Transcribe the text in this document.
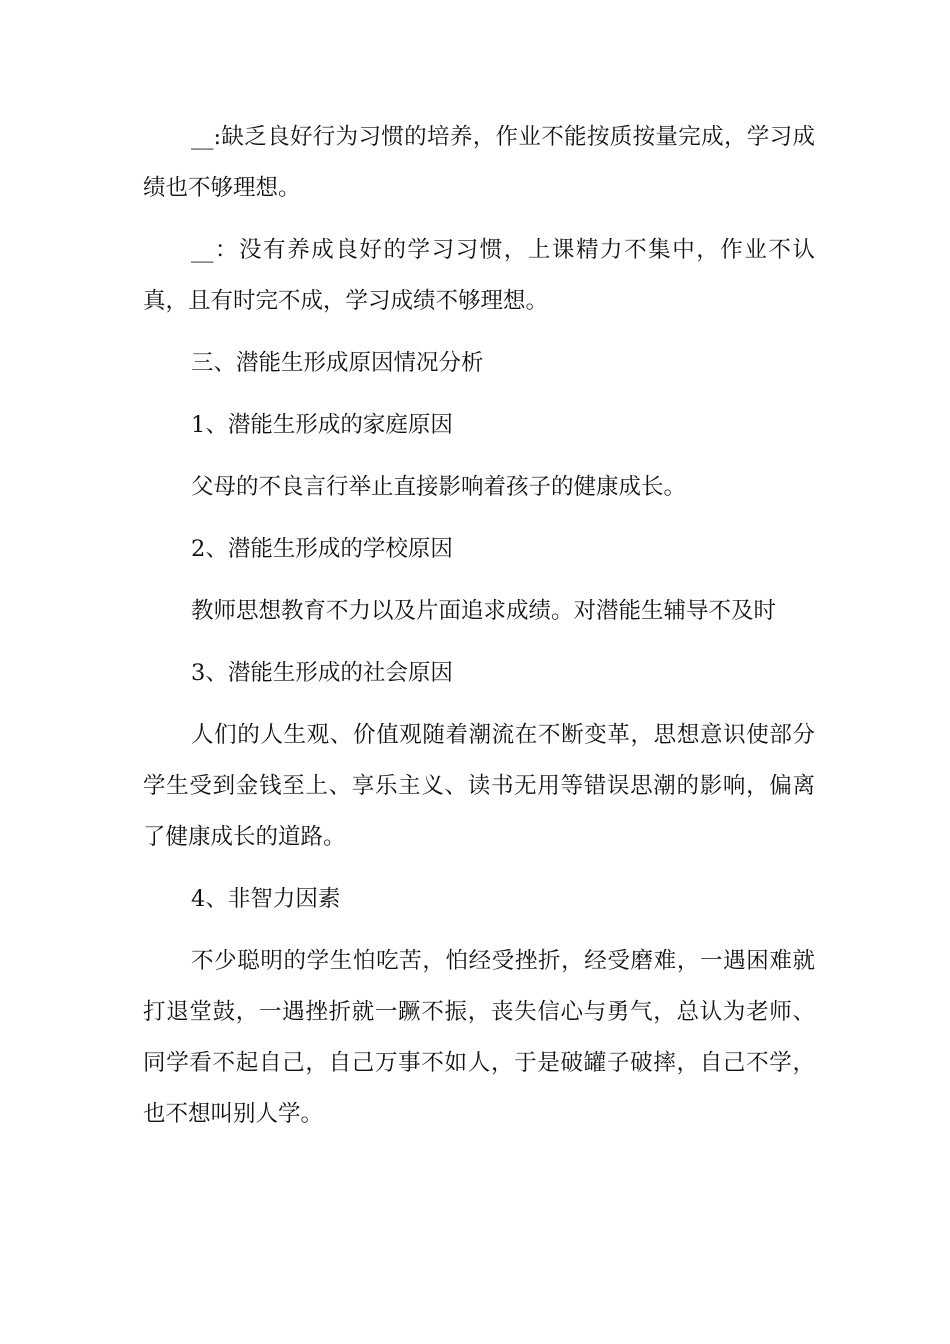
__:缺乏良好行为习惯的培养，作业不能按质按量完成，学习成绩也不够理想。

__：没有养成良好的学习习惯，上课精力不集中，作业不认真，且有时完不成，学习成绩不够理想。

三、潜能生形成原因情况分析

1、潜能生形成的家庭原因

父母的不良言行举止直接影响着孩子的健康成长。

2、潜能生形成的学校原因

教师思想教育不力以及片面追求成绩。对潜能生辅导不及时

3、潜能生形成的社会原因

人们的人生观、价值观随着潮流在不断变革，思想意识使部分学生受到金钱至上、享乐主义、读书无用等错误思潮的影响，偏离了健康成长的道路。

4、非智力因素

不少聪明的学生怕吃苦，怕经受挫折，经受磨难，一遇困难就打退堂鼓，一遇挫折就一蹶不振，丧失信心与勇气，总认为老师、同学看不起自己，自己万事不如人，于是破罐子破摔，自己不学，也不想叫别人学。
